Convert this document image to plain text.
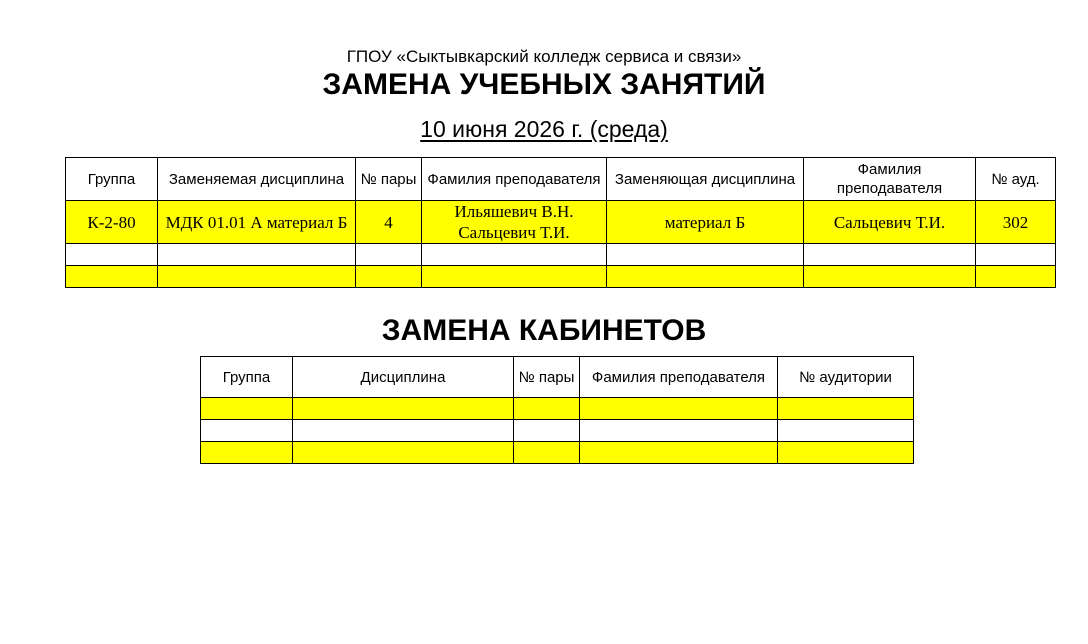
ГПОУ «Сыктывкарский колледж сервиса и связи»
ЗАМЕНА УЧЕБНЫХ ЗАНЯТИЙ
10 июня 2026 г. (среда)
Группа	Заменяемая дисциплина	№ пары	Фамилия преподавателя	Заменяющая дисциплина	Фамилия преподавателя	№ ауд.
К-2-80	МДК 01.01 А материал Б	4	Ильяшевич В.Н. Сальцевич Т.И.	материал Б	Сальцевич Т.И.	302

ЗАМЕНА КАБИНЕТОВ
Группа	Дисциплина	№ пары	Фамилия преподавателя	№ аудитории
